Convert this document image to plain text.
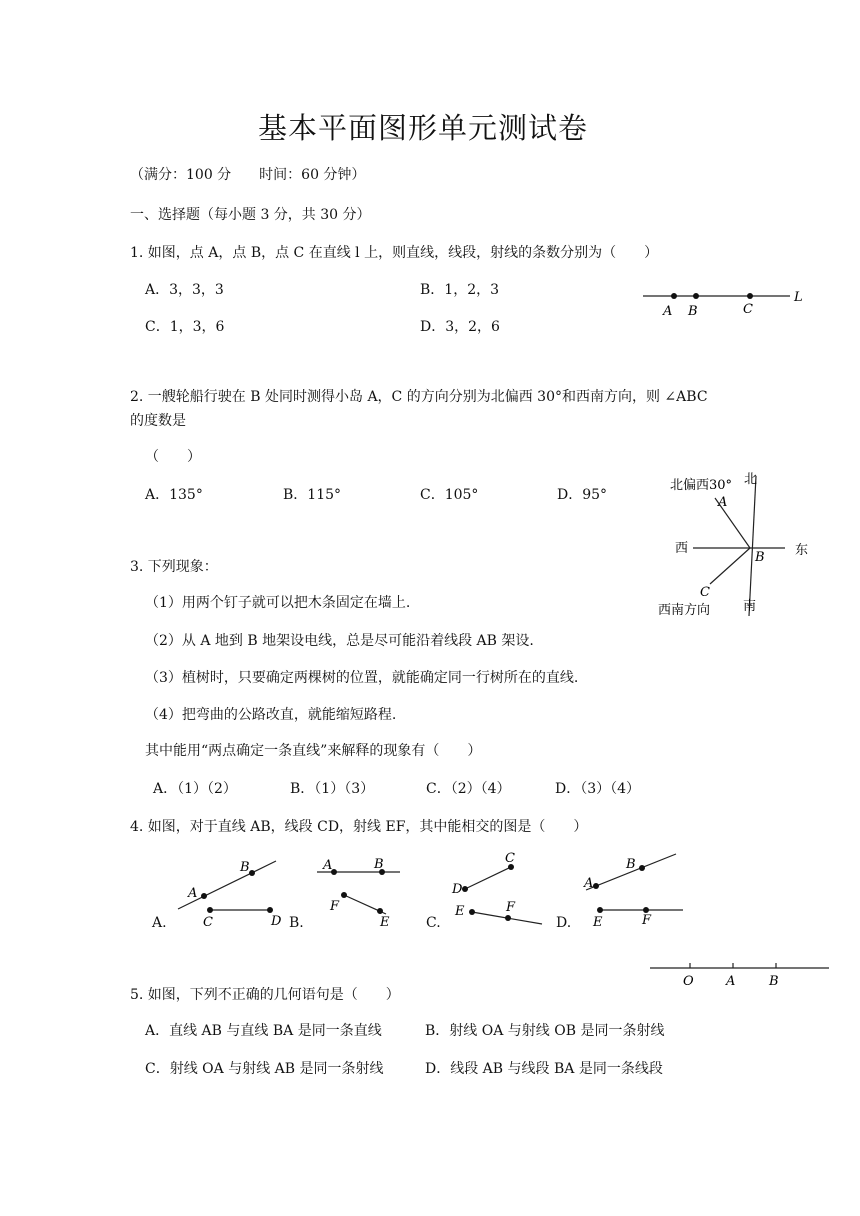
基本平面图形单元测试卷
（满分：100 分　　时间：60 分钟）
一、选择题（每小题 3 分，共 30 分）
1. 如图，点 A，点 B，点 C 在直线 l 上，则直线，线段，射线的条数分别为（　　）
A．3，3，3	B．1，2，3
C．1，3，6	D．3，2，6
A B	C
L
2. 一艘轮船行驶在 B 处同时测得小岛 A，C 的方向分别为北偏西 30°和西南方向，则 ∠ABC
的度数是
（　　）
A．135°	B．115°	C．105°	D．95°
北偏西30° 北
A
西
B 东
C
西南方向	南
3. 下列现象：
（1）用两个钉子就可以把木条固定在墙上.
（2）从 A 地到 B 地架设电线，总是尽可能沿着线段 AB 架设.
（3）植树时，只要确定两棵树的位置，就能确定同一行树所在的直线.
（4）把弯曲的公路改直，就能缩短路程.
其中能用“两点确定一条直线”来解释的现象有（　　）
A．（1）（2）	B．（1）（3）	C．（2）（4）	D．（3）（4）
4. 如图，对于直线 AB，线段 CD，射线 EF，其中能相交的图是（　　）
A.
A
B
C	D B.
A	B
F
E	C.
C
D
E	F
D.
A
B
E	F
O A	B
5. 如图，下列不正确的几何语句是（　　）
A．直线 AB 与直线 BA 是同一条直线	B．射线 OA 与射线 OB 是同一条射线
C．射线 OA 与射线 AB 是同一条射线	D．线段 AB 与线段 BA 是同一条线段
